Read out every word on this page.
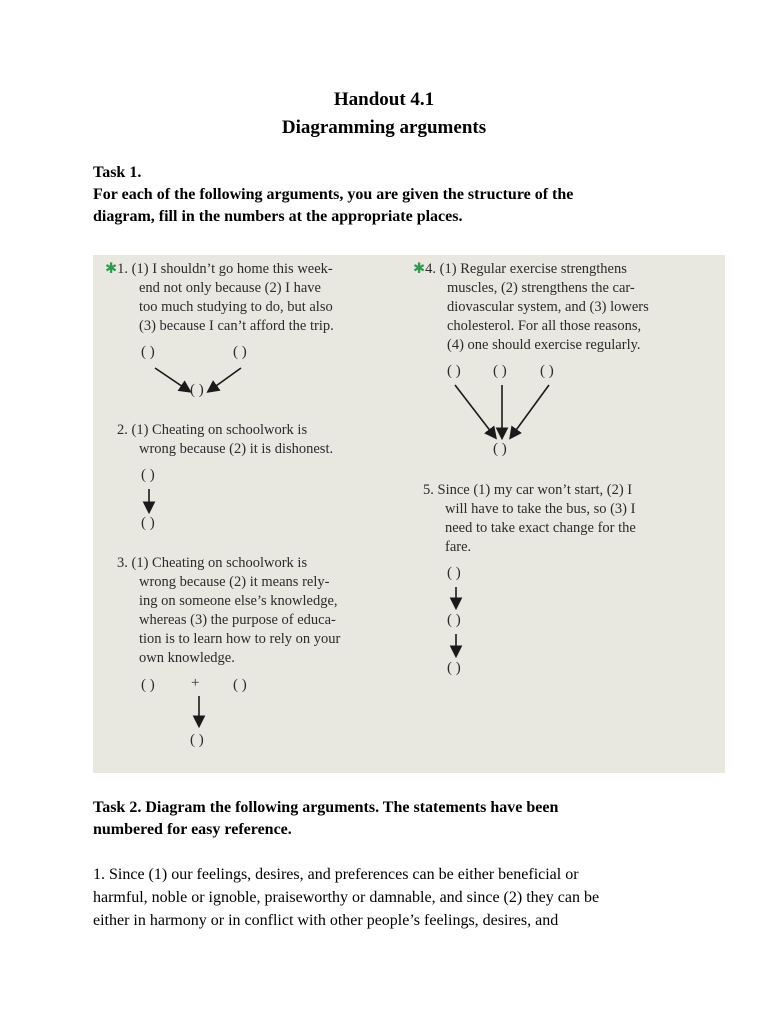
Handout 4.1
Diagramming arguments
Task 1.
For each of the following arguments, you are given the structure of the
diagram, fill in the numbers at the appropriate places.
✱1. (1) I shouldn’t go home this week-

end not only because (2) I have
too much studying to do, but also
(3) because I can’t afford the trip.
( )	( )
( )
2. (1) Cheating on schoolwork is

wrong because (2) it is dishonest.
( )
( )
3. (1) Cheating on schoolwork is

wrong because (2) it means rely-
ing on someone else’s knowledge,
whereas (3) the purpose of educa-
tion is to learn how to rely on your
own knowledge.
( ) + ( )
( )
✱4. (1) Regular exercise strengthens

muscles, (2) strengthens the car-
diovascular system, and (3) lowers
cholesterol. For all those reasons,
(4) one should exercise regularly.
( ) ( ) ( )
( )
5. Since (1) my car won’t start, (2) I

will have to take the bus, so (3) I
need to take exact change for the
fare.
( )
( )
( )
Task 2. Diagram the following arguments. The statements have been
numbered for easy reference.
1. Since (1) our feelings, desires, and preferences can be either beneficial or
harmful, noble or ignoble, praiseworthy or damnable, and since (2) they can be
either in harmony or in conflict with other people’s feelings, desires, and
